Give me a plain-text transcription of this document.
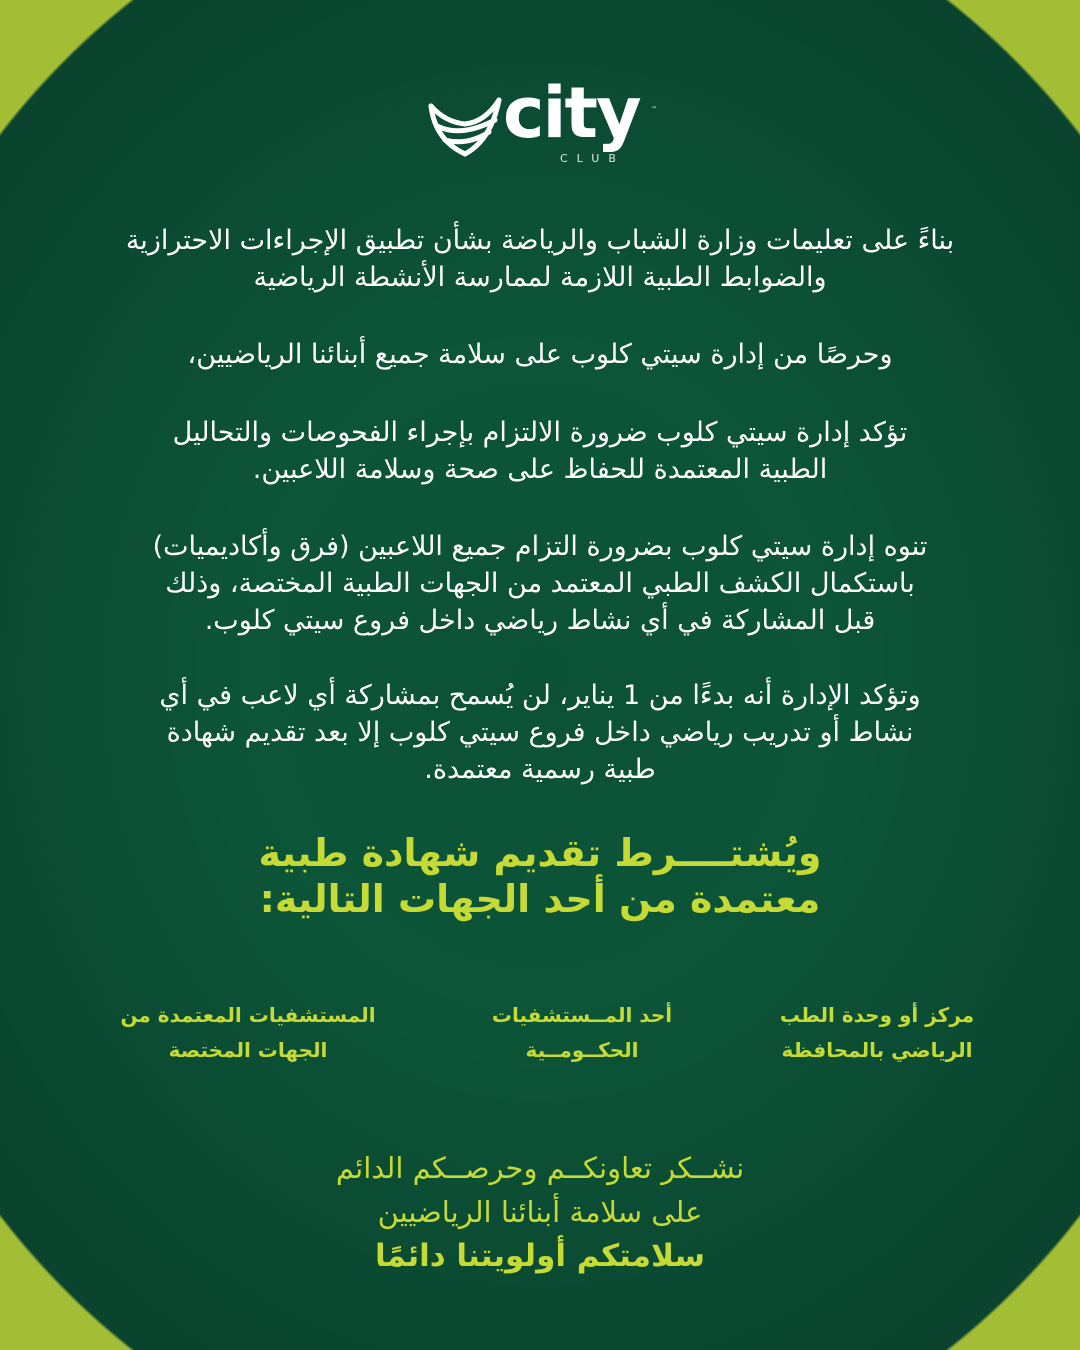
city ™
CLUB

بناءً على تعليمات وزارة الشباب والرياضة بشأن تطبيق الإجراءات الاحترازية

والضوابط الطبية اللازمة لممارسة الأنشطة الرياضية

وحرصًا من إدارة سيتي كلوب على سلامة جميع أبنائنا الرياضيين،

تؤكد إدارة سيتي كلوب ضرورة الالتزام بإجراء الفحوصات والتحاليل

الطبية المعتمدة للحفاظ على صحة وسلامة اللاعبين.

تنوه إدارة سيتي كلوب بضرورة التزام جميع اللاعبين (فرق وأكاديميات)

باستكمال الكشف الطبي المعتمد من الجهات الطبية المختصة، وذلك

قبل المشاركة في أي نشاط رياضي داخل فروع سيتي كلوب.

وتؤكد الإدارة أنه بدءًا من 1 يناير، لن يُسمح بمشاركة أي لاعب في أي

نشاط أو تدريب رياضي داخل فروع سيتي كلوب إلا بعد تقديم شهادة

طبية رسمية معتمدة.

ويُشتــــرط تقديم شهادة طبية
معتمدة من أحد الجهات التالية:
مركز أو وحدة الطب
الرياضي بالمحافظة
أحد المــستشفيات
الحكــومــية
المستشفيات المعتمدة من
الجهات المختصة
نشــكر تعاونكــم وحرصــكم الدائم
على سلامة أبنائنا الرياضيين
سلامتكم أولويتنا دائمًا
